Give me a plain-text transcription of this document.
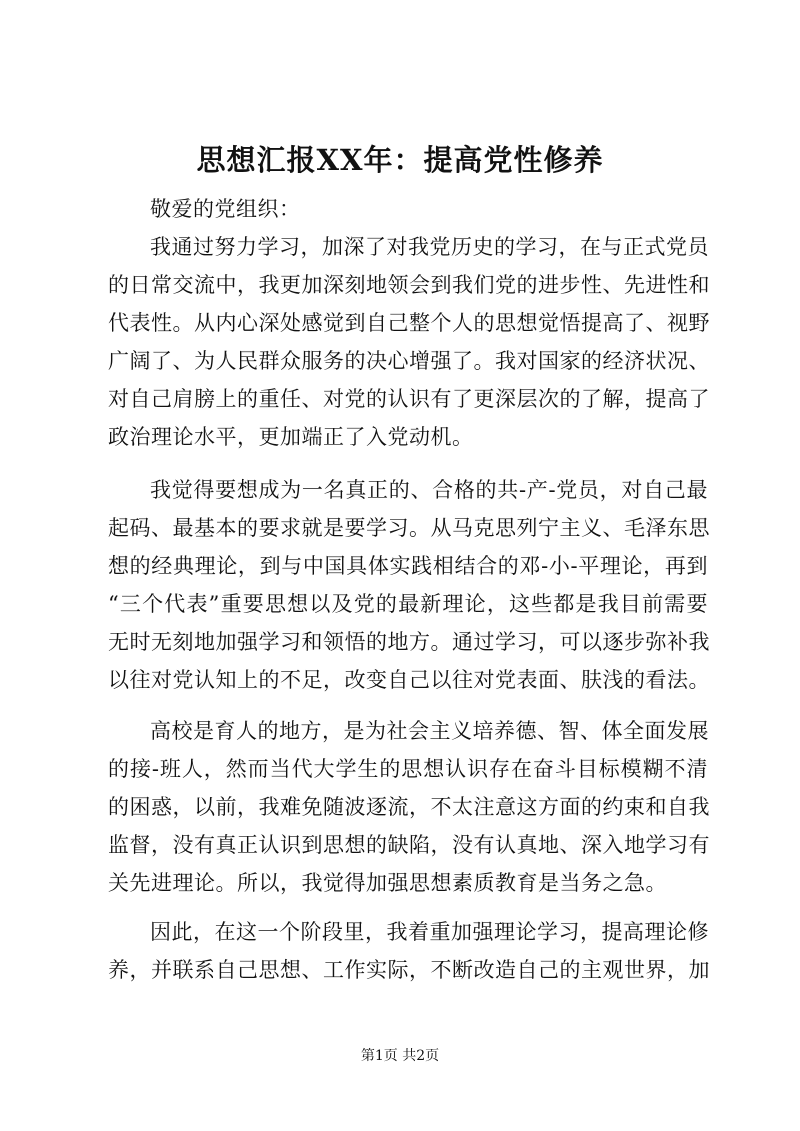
思想汇报XX年：提高党性修养
敬爱的党组织：
我通过努力学习，加深了对我党历史的学习，在与正式党员
的日常交流中，我更加深刻地领会到我们党的进步性、先进性和
代表性。从内心深处感觉到自己整个人的思想觉悟提高了、视野
广阔了、为人民群众服务的决心增强了。我对国家的经济状况、
对自己肩膀上的重任、对党的认识有了更深层次的了解，提高了
政治理论水平，更加端正了入党动机。
我觉得要想成为一名真正的、合格的共-产-党员，对自己最
起码、最基本的要求就是要学习。从马克思列宁主义、毛泽东思
想的经典理论，到与中国具体实践相结合的邓-小-平理论，再到
“三个代表”重要思想以及党的最新理论，这些都是我目前需要
无时无刻地加强学习和领悟的地方。通过学习，可以逐步弥补我
以往对党认知上的不足，改变自己以往对党表面、肤浅的看法。
高校是育人的地方，是为社会主义培养德、智、体全面发展
的接-班人，然而当代大学生的思想认识存在奋斗目标模糊不清
的困惑，以前，我难免随波逐流，不太注意这方面的约束和自我
监督，没有真正认识到思想的缺陷，没有认真地、深入地学习有
关先进理论。所以，我觉得加强思想素质教育是当务之急。
因此，在这一个阶段里，我着重加强理论学习，提高理论修
养，并联系自己思想、工作实际，不断改造自己的主观世界，加
第1页 共2页
